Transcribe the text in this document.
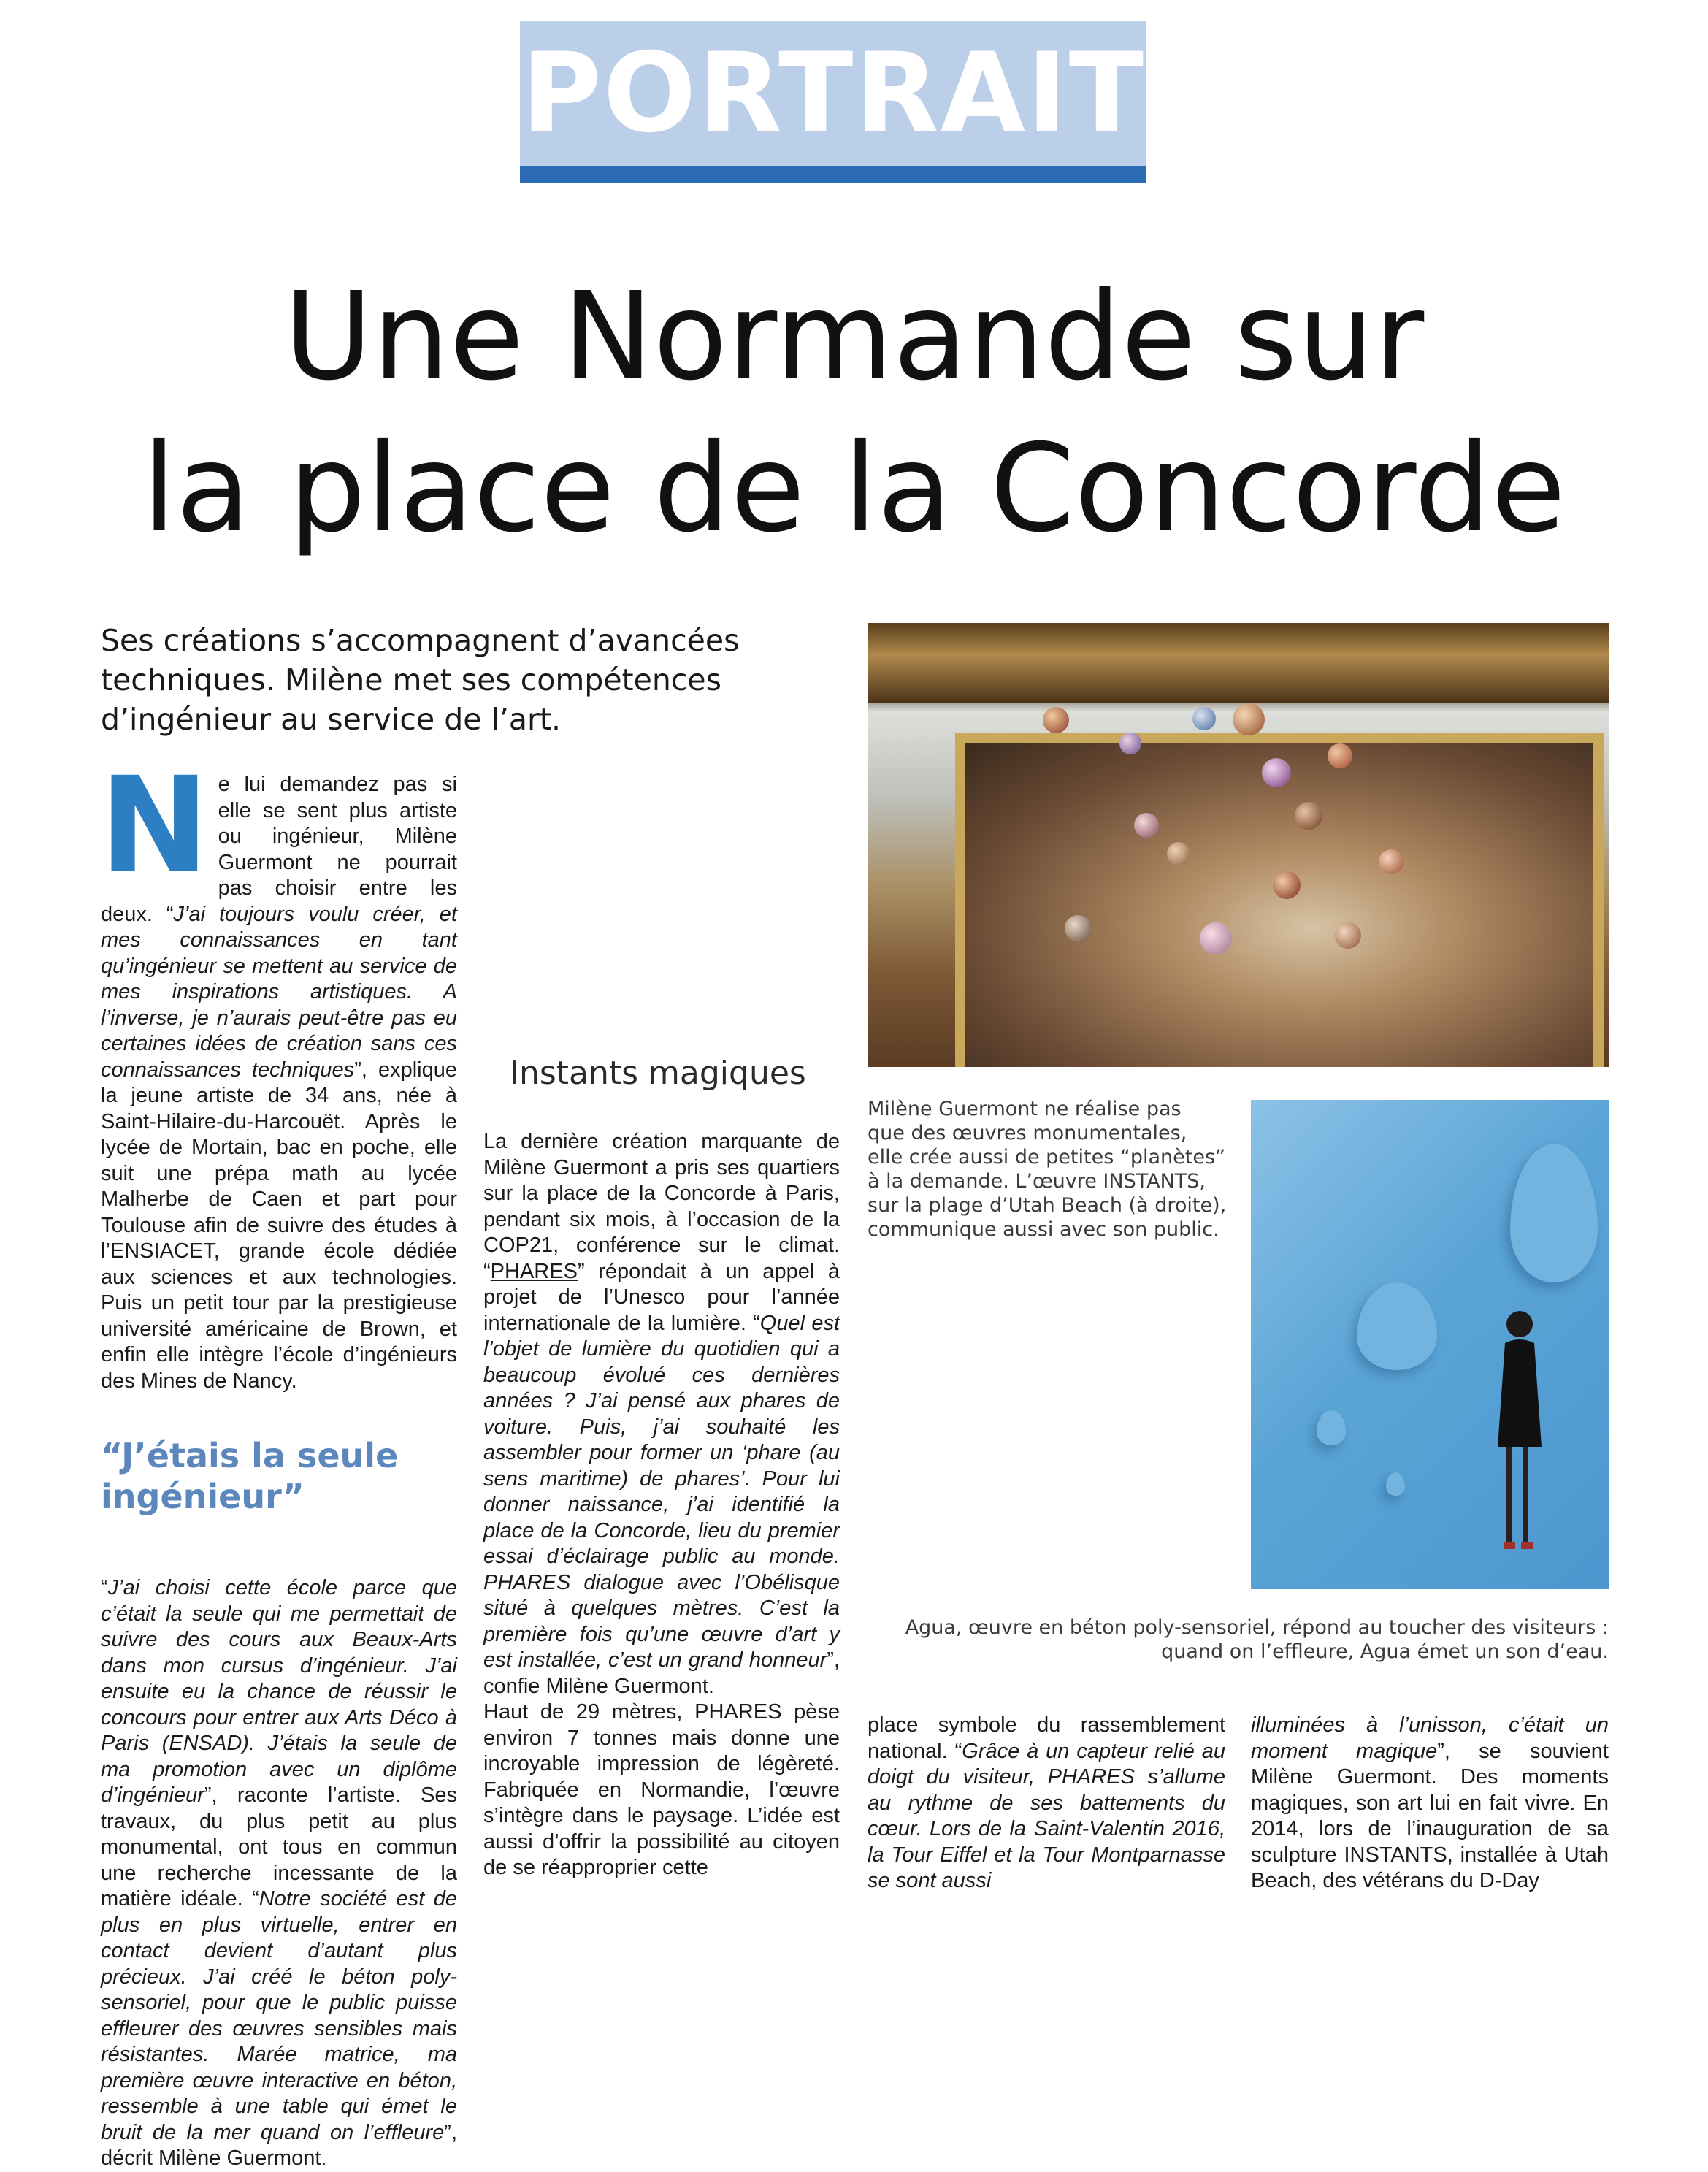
PORTRAIT
Une Normande sur
la place de la Concorde
Ses créations s’accompagnent d’avancées
techniques. Milène met ses compétences
d’ingénieur au service de l’art.

Ne lui demandez pas si elle se sent plus artiste ou ingénieur, Milène Guermont ne pourrait pas choisir entre les deux. “J’ai toujours voulu créer, et mes connaissances en tant qu’ingénieur se mettent au service de mes inspirations artistiques. A l’inverse, je n’aurais peut-être pas eu certaines idées de création sans ces connaissances techniques”, explique la jeune artiste de 34 ans, née à Saint-Hilaire-du-Harcouët. Après le lycée de Mortain, bac en poche, elle suit une prépa math au lycée Malherbe de Caen et part pour Toulouse afin de suivre des études à l’ENSIACET, grande école dédiée aux sciences et aux technologies. Puis un petit tour par la prestigieuse université américaine de Brown, et enfin elle intègre l’école d’ingénieurs des Mines de Nancy.

“J’étais la seule ingénieur”

“J’ai choisi cette école parce que c’était la seule qui me permettait de suivre des cours aux Beaux-Arts dans mon cursus d’ingénieur. J’ai ensuite eu la chance de réussir le concours pour entrer aux Arts Déco à Paris (ENSAD). J’étais la seule de ma promotion avec un diplôme d’ingénieur”, raconte l’artiste. Ses travaux, du plus petit au plus monumental, ont tous en commun une recherche incessante de la matière idéale. “Notre société est de plus en plus virtuelle, entrer en contact devient d’autant plus précieux. J’ai créé le béton poly-sensoriel, pour que le public puisse effleurer des œuvres sensibles mais résistantes. Marée matrice, ma première œuvre interactive en béton, ressemble à une table qui émet le bruit de la mer quand on l’effleure”, décrit Milène Guermont.

Instants magiques

La dernière création marquante de Milène Guermont a pris ses quartiers sur la place de la Concorde à Paris, pendant six mois, à l’occasion de la COP21, conférence sur le climat. “PHARES” répondait à un appel à projet de l’Unesco pour l’année internationale de la lumière. “Quel est l’objet de lumière du quotidien qui a beaucoup évolué ces dernières années ? J’ai pensé aux phares de voiture. Puis, j’ai souhaité les assembler pour former un ‘phare (au sens maritime) de phares’. Pour lui donner naissance, j’ai identifié la place de la Concorde, lieu du premier essai d’éclairage public au monde. PHARES dialogue avec l’Obélisque situé à quelques mètres. C’est la première fois qu’une œuvre d’art y est installée, c’est un grand honneur”, confie Milène Guermont.

Haut de 29 mètres, PHARES pèse environ 7 tonnes mais donne une incroyable impression de légèreté. Fabriquée en Normandie, l’œuvre s’intègre dans le paysage. L’idée est aussi d’offrir la possibilité au citoyen de se réapproprier cette

Milène Guermont ne réalise pas
que des œuvres monumentales,
elle crée aussi de petites “planètes”
à la demande. L’œuvre INSTANTS,
sur la plage d’Utah Beach (à droite),
communique aussi avec son public.
Agua, œuvre en béton poly-sensoriel, répond au toucher des visiteurs :
quand on l’effleure, Agua émet un son d’eau.

place symbole du rassemblement national. “Grâce à un capteur relié au doigt du visiteur, PHARES s’allume au rythme de ses battements du cœur. Lors de la Saint-Valentin 2016, la Tour Eiffel et la Tour Montparnasse se sont aussi

illuminées à l’unisson, c’était un moment magique”, se souvient Milène Guermont. Des moments magiques, son art lui en fait vivre. En 2014, lors de l’inauguration de sa sculpture INSTANTS, installée à Utah Beach, des vétérans du D-Day
